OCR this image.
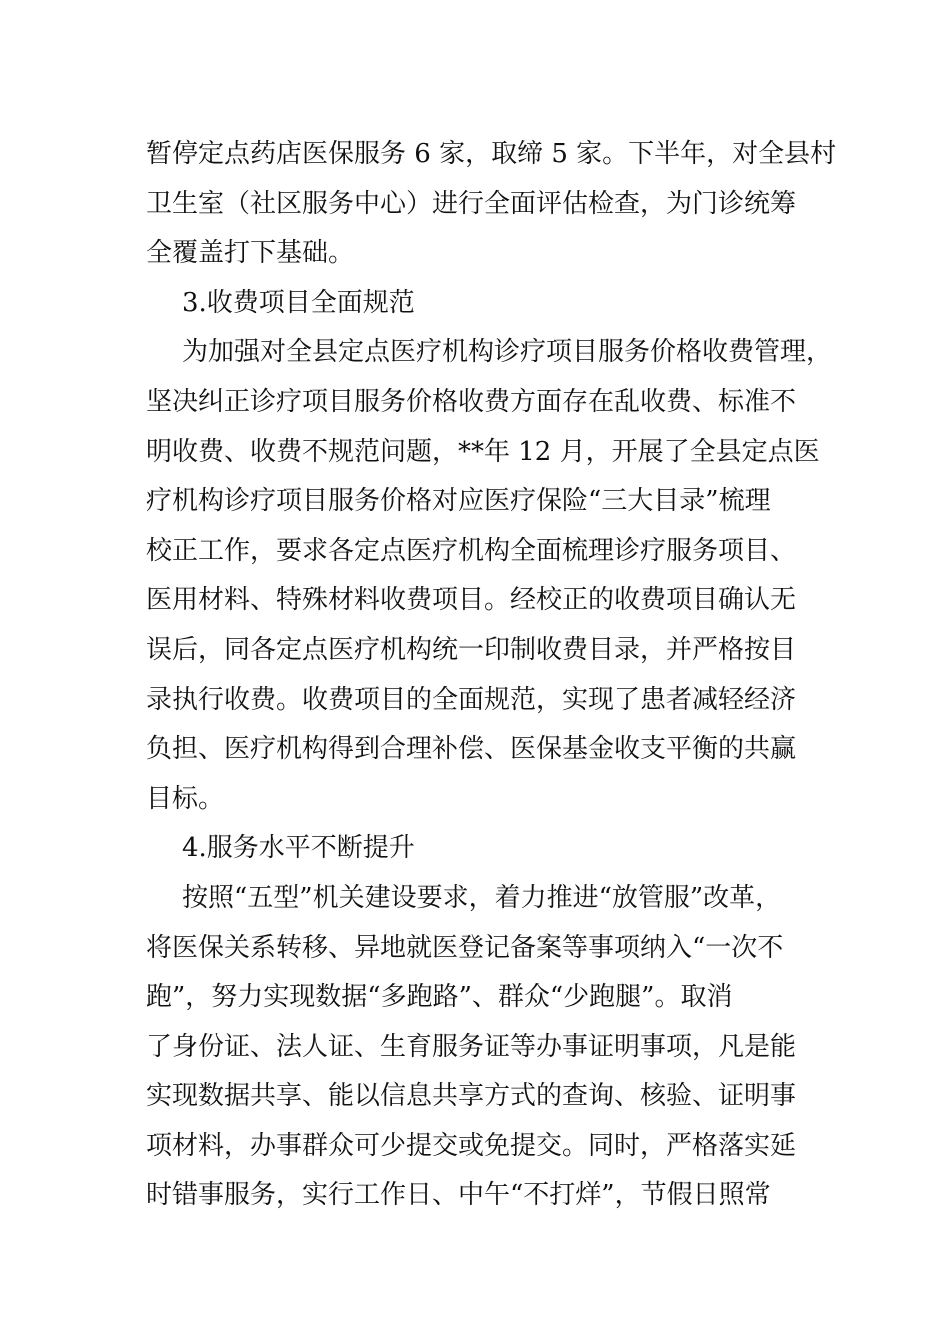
暂停定点药店医保服务 6 家，取缔 5 家。下半年，对全县村
卫生室（社区服务中心）进行全面评估检查，为门诊统筹
全覆盖打下基础。
3.收费项目全面规范
为加强对全县定点医疗机构诊疗项目服务价格收费管理，
坚决纠正诊疗项目服务价格收费方面存在乱收费、标准不
明收费、收费不规范问题，**年 12 月，开展了全县定点医
疗机构诊疗项目服务价格对应医疗保险“三大目录”梳理
校正工作，要求各定点医疗机构全面梳理诊疗服务项目、
医用材料、特殊材料收费项目。经校正的收费项目确认无
误后，同各定点医疗机构统一印制收费目录，并严格按目
录执行收费。收费项目的全面规范，实现了患者减轻经济
负担、医疗机构得到合理补偿、医保基金收支平衡的共赢
目标。
4.服务水平不断提升
按照“五型”机关建设要求，着力推进“放管服”改革，
将医保关系转移、异地就医登记备案等事项纳入“一次不
跑”，努力实现数据“多跑路”、群众“少跑腿”。取消
了身份证、法人证、生育服务证等办事证明事项，凡是能
实现数据共享、能以信息共享方式的查询、核验、证明事
项材料，办事群众可少提交或免提交。同时，严格落实延
时错事服务，实行工作日、中午“不打烊”，节假日照常
